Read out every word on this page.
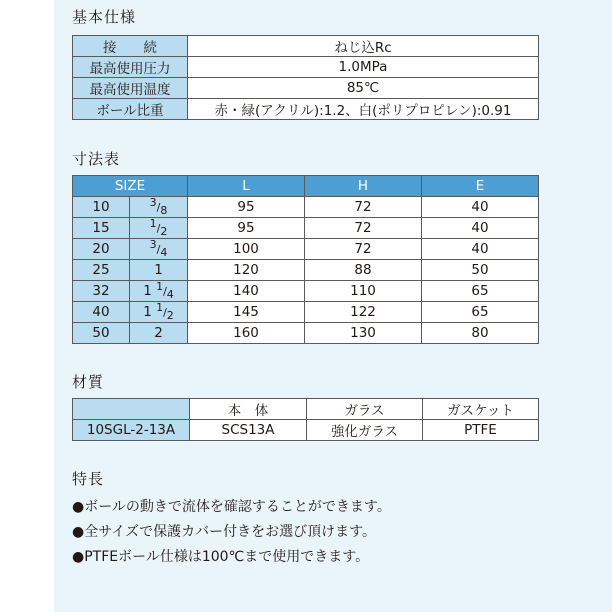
基本仕様
接　　続	ねじ込Rc
最高使用圧力	1.0MPa
最高使用温度	85℃
ボール比重	赤・緑(アクリル):1.2、白(ポリプロピレン):0.91
寸法表
SIZE		L	H	E
10	3/8	95	72	40
15	1/2	95	72	40
20	3/4	100	72	40
25	1	120	88	50
32	1 1/4	140	110	65
40	1 1/2	145	122	65
50	2	160	130	80
材質
	本　体	ガラス	ガスケット
10SGL-2-13A	SCS13A	強化ガラス	PTFE
特長
●ボールの動きで流体を確認することができます。
●全サイズで保護カバー付きをお選び頂けます。
●PTFEボール仕様は100℃まで使用できます。
